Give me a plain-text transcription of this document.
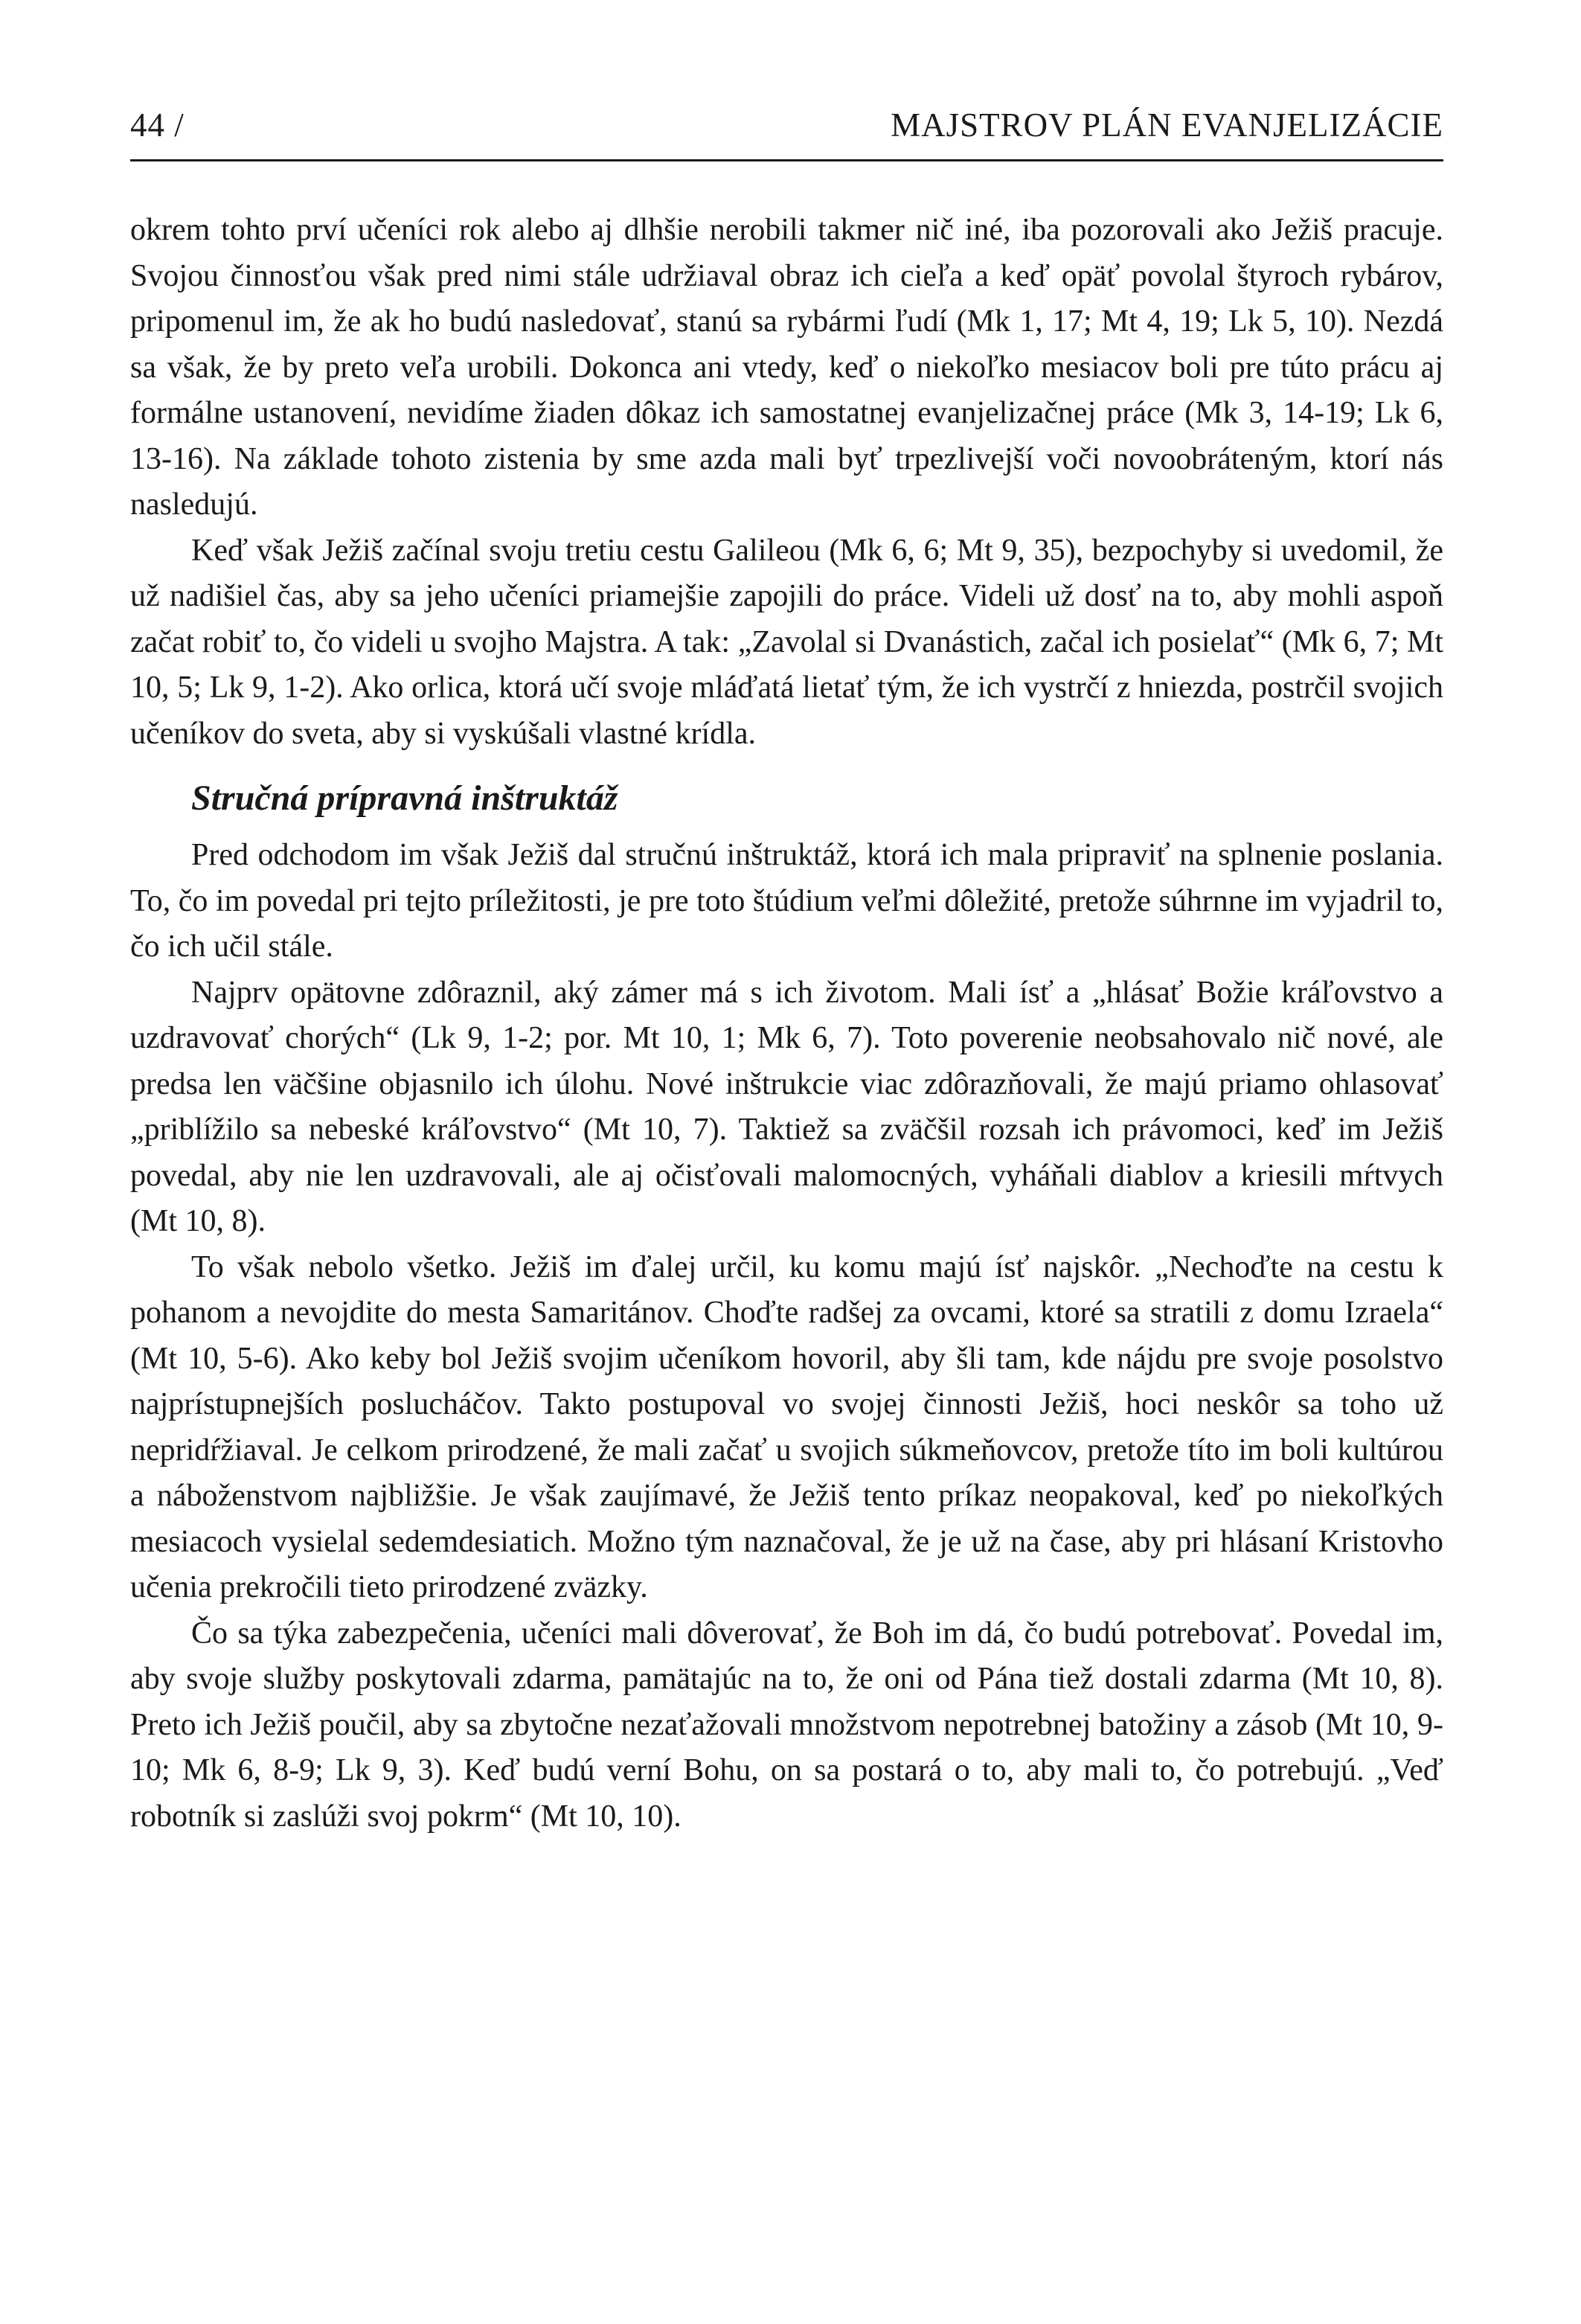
44 /	MAJSTROV PLÁN EVANJELIZÁCIE

okrem tohto prví učeníci rok alebo aj dlhšie nerobili takmer nič iné, iba pozorovali ako Ježiš pracuje. Svojou činnosťou však pred nimi stále udržiaval obraz ich cieľa a keď opäť povolal štyroch rybárov, pripomenul im, že ak ho budú nasledovať, stanú sa rybármi ľudí (Mk 1, 17; Mt 4, 19; Lk 5, 10). Nezdá sa však, že by preto veľa urobili. Dokonca ani vtedy, keď o niekoľko mesiacov boli pre túto prácu aj formálne ustanovení, nevidíme žiaden dôkaz ich samostatnej evanjelizačnej práce (Mk 3, 14-19; Lk 6, 13-16). Na základe tohoto zistenia by sme azda mali byť trpezlivejší voči novoobráteným, ktorí nás nasledujú.

Keď však Ježiš začínal svoju tretiu cestu Galileou (Mk 6, 6; Mt 9, 35), bezpochyby si uvedomil, že už nadišiel čas, aby sa jeho učeníci priamejšie zapojili do práce. Videli už dosť na to, aby mohli aspoň začat robiť to, čo videli u svojho Majstra. A tak: „Zavolal si Dvanástich, začal ich posielať“ (Mk 6, 7; Mt 10, 5; Lk 9, 1-2). Ako orlica, ktorá učí svoje mláďatá lietať tým, že ich vystrčí z hniezda, postrčil svojich učeníkov do sveta, aby si vyskúšali vlastné krídla.

Stručná prípravná inštruktáž

Pred odchodom im však Ježiš dal stručnú inštruktáž, ktorá ich mala pripraviť na splnenie poslania. To, čo im povedal pri tejto príležitosti, je pre toto štúdium veľmi dôležité, pretože súhrnne im vyjadril to, čo ich učil stále.

Najprv opätovne zdôraznil, aký zámer má s ich životom. Mali ísť a „hlásať Božie kráľovstvo a uzdravovať chorých“ (Lk 9, 1-2; por. Mt 10, 1; Mk 6, 7). Toto poverenie neobsahovalo nič nové, ale predsa len väčšine objasnilo ich úlohu. Nové inštrukcie viac zdôrazňovali, že majú priamo ohlasovať „priblížilo sa nebeské kráľovstvo“ (Mt 10, 7). Taktiež sa zväčšil rozsah ich právomoci, keď im Ježiš povedal, aby nie len uzdravovali, ale aj očisťovali malomocných, vyháňali diablov a kriesili mŕtvych (Mt 10, 8).

To však nebolo všetko. Ježiš im ďalej určil, ku komu majú ísť najskôr. „Nechoďte na cestu k pohanom a nevojdite do mesta Samaritánov. Choďte radšej za ovcami, ktoré sa stratili z domu Izraela“ (Mt 10, 5-6). Ako keby bol Ježiš svojim učeníkom hovoril, aby šli tam, kde nájdu pre svoje posolstvo najprístupnejších poslucháčov. Takto postupoval vo svojej činnosti Ježiš, hoci neskôr sa toho už nepridŕžiaval. Je celkom prirodzené, že mali začať u svojich súkmeňovcov, pretože títo im boli kultúrou a náboženstvom najbližšie. Je však zaujímavé, že Ježiš tento príkaz neopakoval, keď po niekoľkých mesiacoch vysielal sedemdesiatich. Možno tým naznačoval, že je už na čase, aby pri hlásaní Kristovho učenia prekročili tieto prirodzené zväzky.

Čo sa týka zabezpečenia, učeníci mali dôverovať, že Boh im dá, čo budú potrebovať. Povedal im, aby svoje služby poskytovali zdarma, pamätajúc na to, že oni od Pána tiež dostali zdarma (Mt 10, 8). Preto ich Ježiš poučil, aby sa zbytočne nezaťažovali množstvom nepotrebnej batožiny a zásob (Mt 10, 9-10; Mk 6, 8-9; Lk 9, 3). Keď budú verní Bohu, on sa postará o to, aby mali to, čo potrebujú. „Veď robotník si zaslúži svoj pokrm“ (Mt 10, 10).
